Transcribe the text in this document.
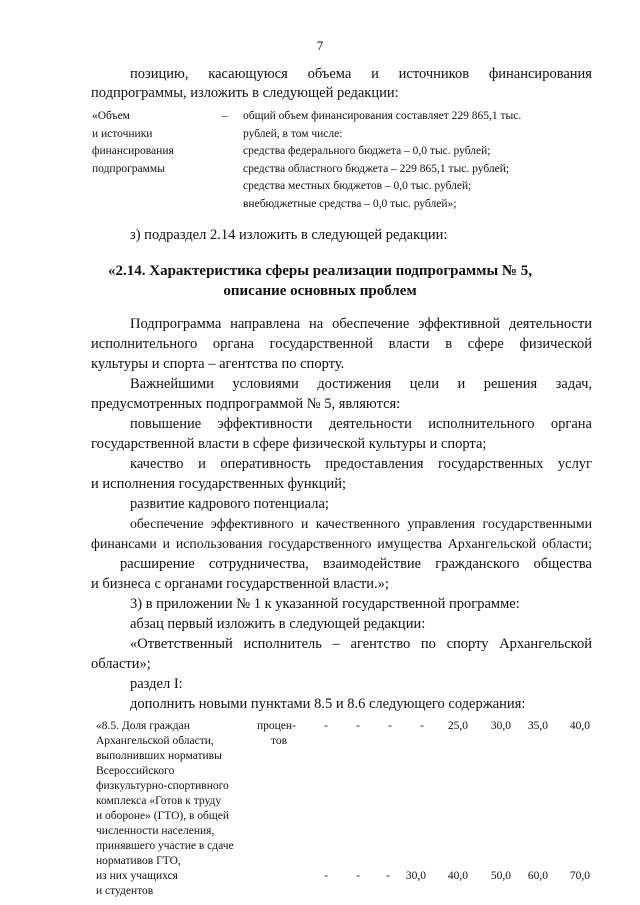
7
позицию, касающуюся объема и источников финансирования
подпрограммы, изложить в следующей редакции:
«Объем
и источники
финансирования
подпрограммы
– общий объем финансирования составляет 229 865,1 тыс.
рублей, в том числе:
средства федерального бюджета – 0,0 тыс. рублей;
средства областного бюджета – 229 865,1 тыс. рублей;
средства местных бюджетов – 0,0 тыс. рублей;
внебюджетные средства – 0,0 тыс. рублей»;
з) подраздел 2.14 изложить в следующей редакции:
«2.14. Характеристика сферы реализации подпрограммы № 5,
описание основных проблем
Подпрограмма направлена на обеспечение эффективной деятельности
исполнительного органа государственной власти в сфере физической
культуры и спорта – агентства по спорту.
Важнейшими условиями достижения цели и решения задач,
предусмотренных подпрограммой № 5, являются:
повышение эффективности деятельности исполнительного органа
государственной власти в сфере физической культуры и спорта;
качество и оперативность предоставления государственных услуг
и исполнения государственных функций;
развитие кадрового потенциала;
обеспечение эффективного и качественного управления государственными
финансами и использования государственного имущества Архангельской области;
расширение сотрудничества, взаимодействие гражданского общества
и бизнеса с органами государственной власти.»;
3) в приложении № 1 к указанной государственной программе:
абзац первый изложить в следующей редакции:
«Ответственный исполнитель – агентство по спорту Архангельской
области»;
раздел I:
дополнить новыми пунктами 8.5 и 8.6 следующего содержания:
«8.5. Доля граждан
Архангельской области,
выполнивших нормативы
Всероссийского
физкультурно-спортивного
комплекса «Готов к труду
и обороне» (ГТО), в общей
численности населения,
принявшего участие в сдаче
нормативов ГТО,
процен-
тов
-	-	-	-	25,0	30,0	35,0	40,0
из них учащихся
и студентов
-	-	-	30,0	40,0	50,0	60,0	70,0
